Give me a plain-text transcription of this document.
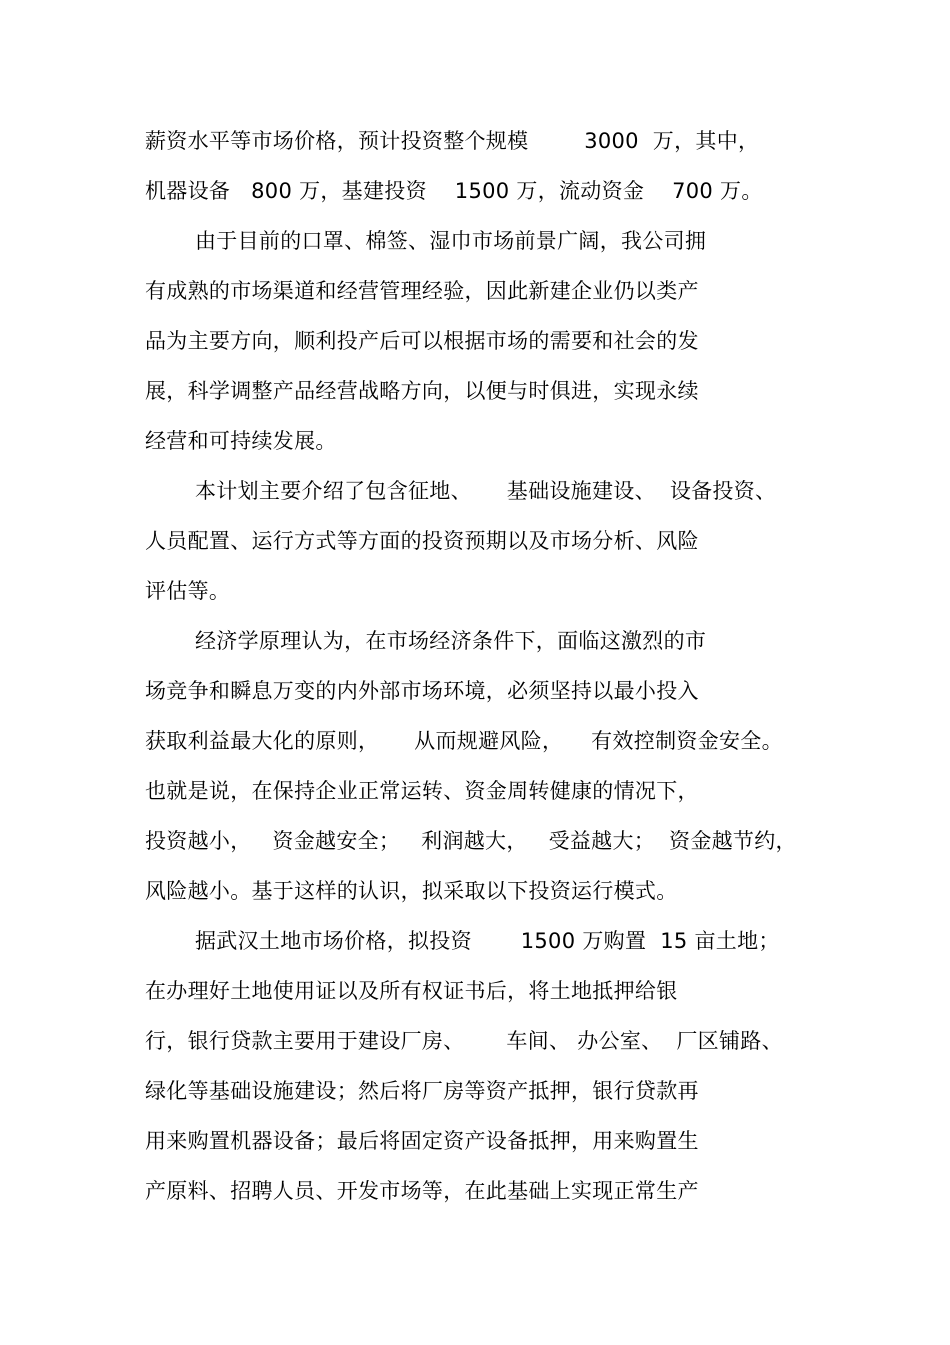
薪资水平等市场价格，预计投资整个规模        3000  万，其中，
机器设备   800 万，基建投资    1500 万，流动资金    700 万。
由于目前的口罩、棉签、湿巾市场前景广阔，我公司拥
有成熟的市场渠道和经营管理经验，因此新建企业仍以类产
品为主要方向，顺利投产后可以根据市场的需要和社会的发
展，科学调整产品经营战略方向，以便与时俱进，实现永续
经营和可持续发展。
本计划主要介绍了包含征地、     基础设施建设、  设备投资、
人员配置、运行方式等方面的投资预期以及市场分析、风险
评估等。
经济学原理认为，在市场经济条件下，面临这激烈的市
场竞争和瞬息万变的内外部市场环境，必须坚持以最小投入
获取利益最大化的原则，     从而规避风险，    有效控制资金安全。
也就是说，在保持企业正常运转、资金周转健康的情况下，
投资越小，   资金越安全；   利润越大，   受益越大；  资金越节约，
风险越小。基于这样的认识，拟采取以下投资运行模式。
据武汉土地市场价格，拟投资       1500 万购置  15 亩土地；
在办理好土地使用证以及所有权证书后，将土地抵押给银
行，银行贷款主要用于建设厂房、      车间、 办公室、  厂区铺路、
绿化等基础设施建设；然后将厂房等资产抵押，银行贷款再
用来购置机器设备；最后将固定资产设备抵押，用来购置生
产原料、招聘人员、开发市场等，在此基础上实现正常生产
